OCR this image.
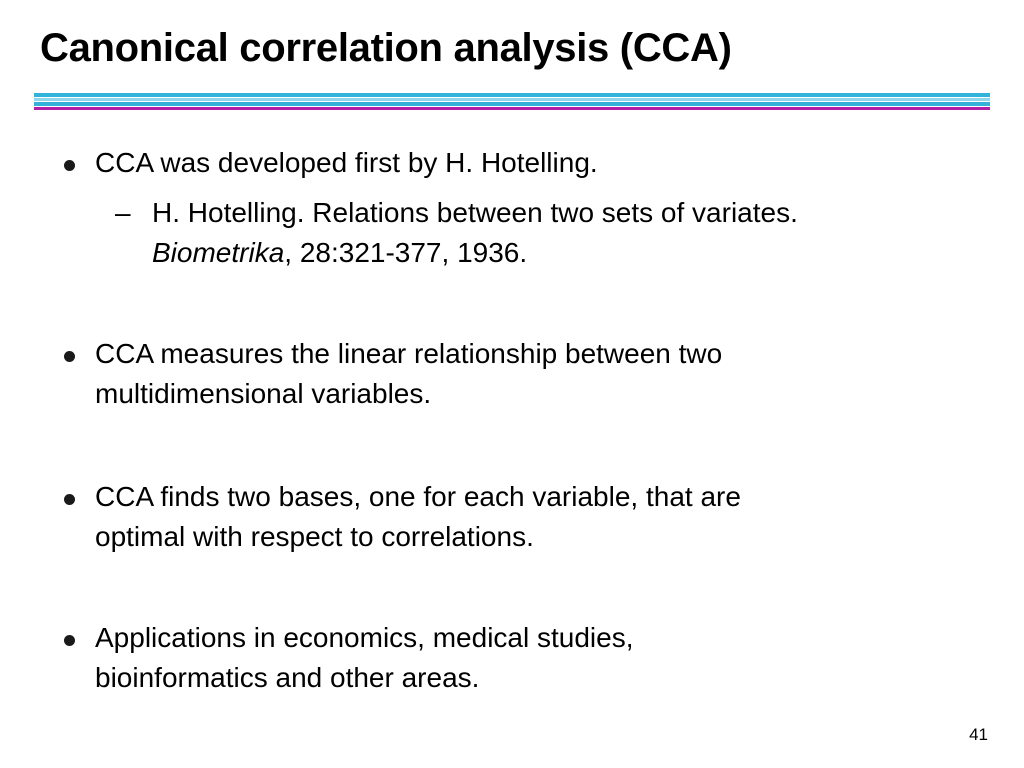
Canonical correlation analysis (CCA)
CCA was developed first by H. Hotelling.
– H. Hotelling. Relations between two sets of variates.
Biometrika, 28:321-377, 1936.
CCA measures the linear relationship between two
multidimensional variables.
CCA finds two bases, one for each variable, that are
optimal with respect to correlations.
Applications in economics, medical studies,
bioinformatics and other areas.
41
